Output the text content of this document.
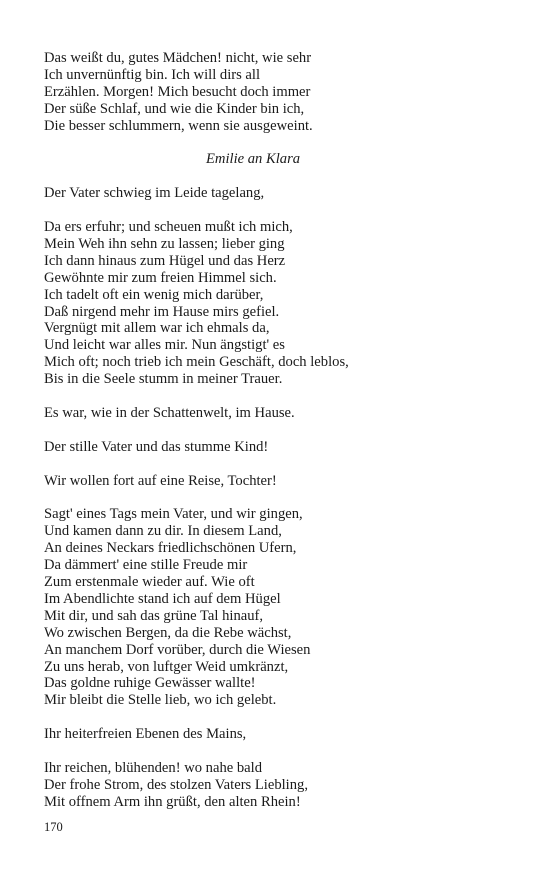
Das weißt du, gutes Mädchen! nicht, wie sehr
Ich unvernünftig bin. Ich will dirs all
Erzählen. Morgen! Mich besucht doch immer
Der süße Schlaf, und wie die Kinder bin ich,
Die besser schlummern, wenn sie ausgeweint.
Emilie an Klara
Der Vater schwieg im Leide tagelang,
Da ers erfuhr; und scheuen mußt ich mich,
Mein Weh ihn sehn zu lassen; lieber ging
Ich dann hinaus zum Hügel und das Herz
Gewöhnte mir zum freien Himmel sich.
Ich tadelt oft ein wenig mich darüber,
Daß nirgend mehr im Hause mirs gefiel.
Vergnügt mit allem war ich ehmals da,
Und leicht war alles mir. Nun ängstigt' es
Mich oft; noch trieb ich mein Geschäft, doch leblos,
Bis in die Seele stumm in meiner Trauer.
Es war, wie in der Schattenwelt, im Hause.
Der stille Vater und das stumme Kind!
Wir wollen fort auf eine Reise, Tochter!
Sagt' eines Tags mein Vater, und wir gingen,
Und kamen dann zu dir. In diesem Land,
An deines Neckars friedlichschönen Ufern,
Da dämmert' eine stille Freude mir
Zum erstenmale wieder auf. Wie oft
Im Abendlichte stand ich auf dem Hügel
Mit dir, und sah das grüne Tal hinauf,
Wo zwischen Bergen, da die Rebe wächst,
An manchem Dorf vorüber, durch die Wiesen
Zu uns herab, von luftger Weid umkränzt,
Das goldne ruhige Gewässer wallte!
Mir bleibt die Stelle lieb, wo ich gelebt.
Ihr heiterfreien Ebenen des Mains,
Ihr reichen, blühenden! wo nahe bald
Der frohe Strom, des stolzen Vaters Liebling,
Mit offnem Arm ihn grüßt, den alten Rhein!
170
